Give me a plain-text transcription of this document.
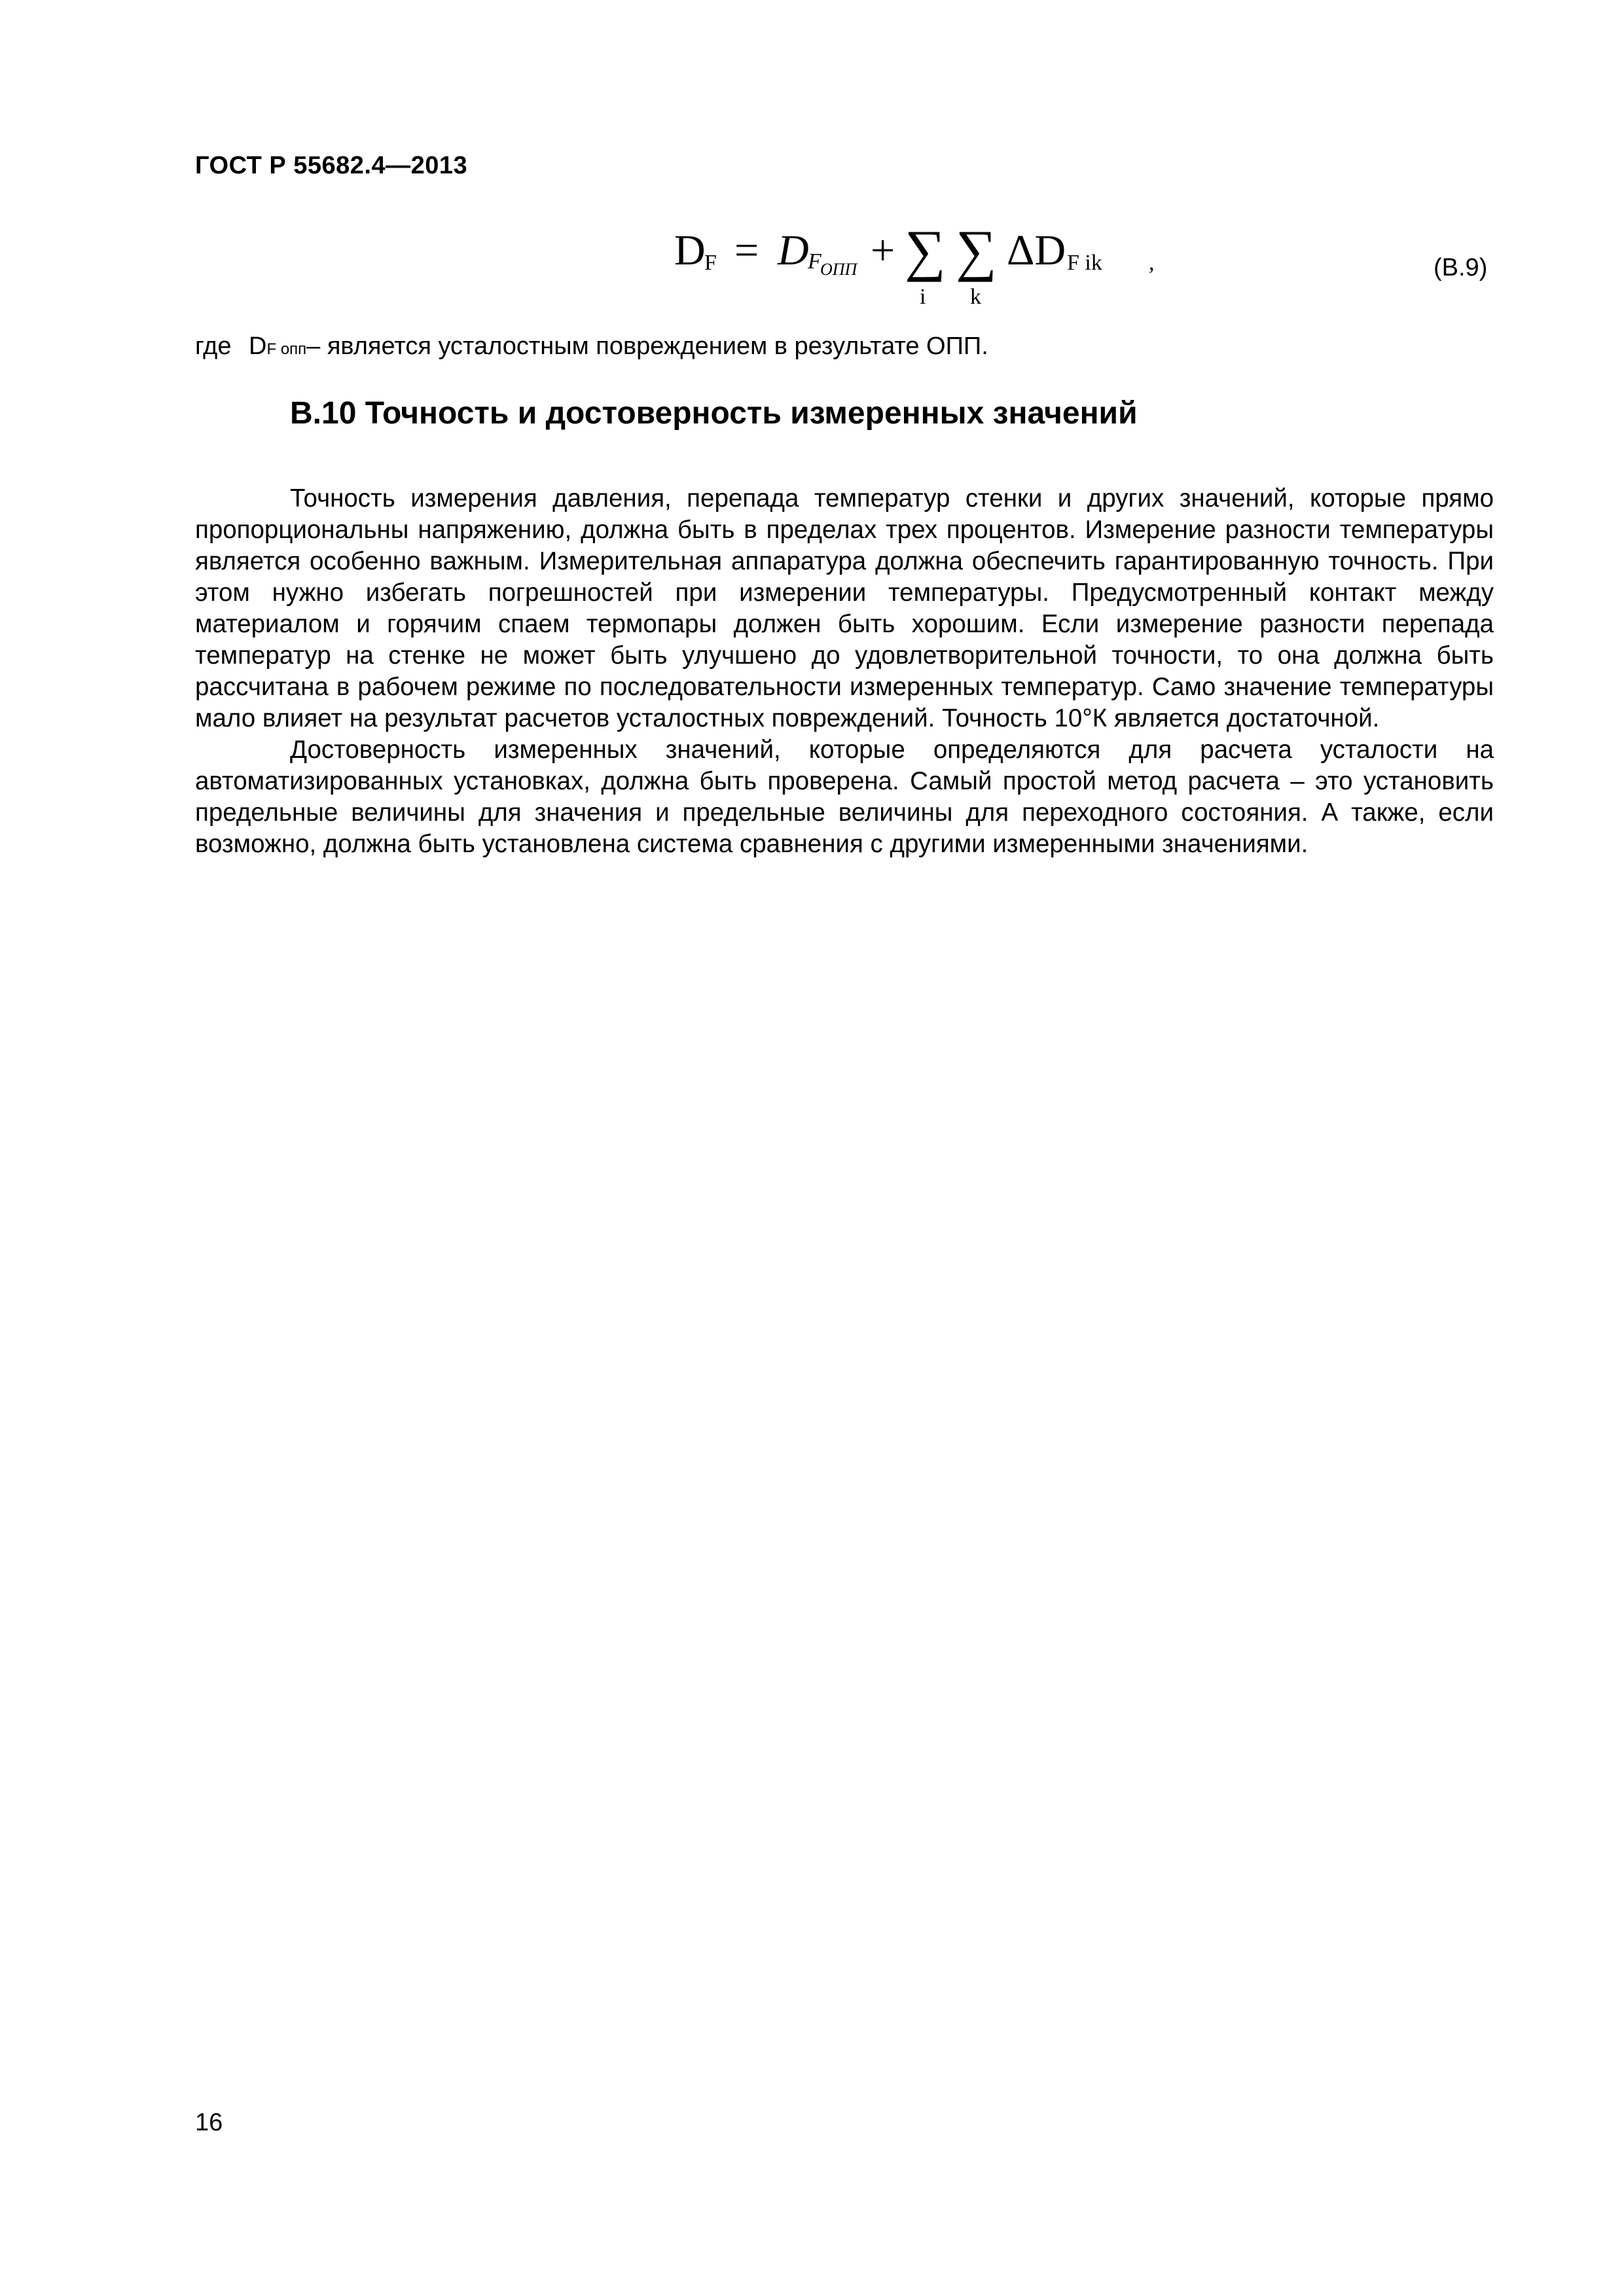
ГОСТ Р 55682.4—2013
D
F = D
F
ОПП + ∑
i
∑
k
ΔD F ik ,	(B.9)
где DF опп– является усталостным повреждением в результате ОПП.
В.10 Точность и достоверность измеренных значений

Точность измерения давления, перепада температур стенки и других значений, которые прямо пропорциональны напряжению, должна быть в пределах трех процентов. Измерение разности температуры является особенно важным. Измерительная аппаратура должна обеспечить гарантированную точность. При этом нужно избегать погрешностей при измерении температуры. Предусмотренный контакт между материалом и горячим спаем термопары должен быть хорошим. Если измерение разности перепада температур на стенке не может быть улучшено до удовлетворительной точности, то она должна быть рассчитана в рабочем режиме по последовательности измеренных температур. Само значение температуры мало влияет на результат расчетов усталостных повреждений. Точность 10°К является достаточной.

Достоверность измеренных значений, которые определяются для расчета усталости на автоматизированных установках, должна быть проверена. Самый простой метод расчета – это установить предельные величины для значения и предельные величины для переходного состояния. А также, если возможно, должна быть установлена система сравнения с другими измеренными значениями.

16
